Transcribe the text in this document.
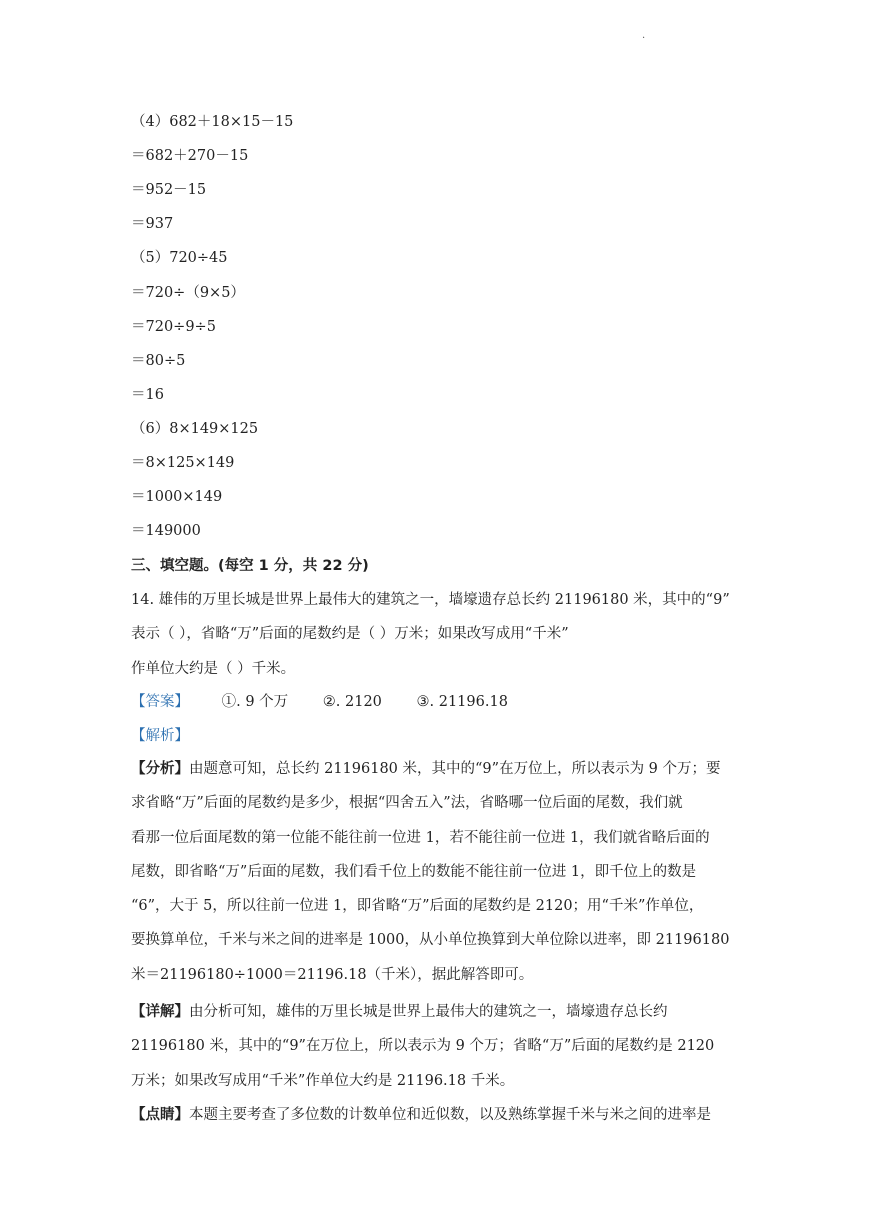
.
（4）682＋18×15－15
＝682＋270－15
＝952－15
＝937
（5）720÷45
＝720÷（9×5）
＝720÷9÷5
＝80÷5
＝16
（6）8×149×125
＝8×125×149
＝1000×149
＝149000
三、填空题。(每空 1 分，共 22 分)

14. 雄伟的万里长城是世界上最伟大的建筑之一，墙壕遗存总长约 21196180 米，其中的“9”

表示（ ），省略“万”后面的尾数约是（ ）万米；如果改写成用“千米”

作单位大约是（ ）千米。

【答案】 ①. 9 个万 ②. 2120 ③. 21196.18
【解析】

【分析】由题意可知，总长约 21196180 米，其中的“9”在万位上，所以表示为 9 个万；要

求省略“万”后面的尾数约是多少，根据“四舍五入”法，省略哪一位后面的尾数，我们就

看那一位后面尾数的第一位能不能往前一位进 1，若不能往前一位进 1，我们就省略后面的

尾数，即省略“万”后面的尾数，我们看千位上的数能不能往前一位进 1，即千位上的数是

“6”，大于 5，所以往前一位进 1，即省略“万”后面的尾数约是 2120；用“千米”作单位，

要换算单位，千米与米之间的进率是 1000，从小单位换算到大单位除以进率，即 21196180

米＝21196180÷1000＝21196.18（千米），据此解答即可。

【详解】由分析可知，雄伟的万里长城是世界上最伟大的建筑之一，墙壕遗存总长约

21196180 米，其中的“9”在万位上，所以表示为 9 个万；省略“万”后面的尾数约是 2120

万米；如果改写成用“千米”作单位大约是 21196.18 千米。

【点睛】本题主要考查了多位数的计数单位和近似数，以及熟练掌握千米与米之间的进率是
